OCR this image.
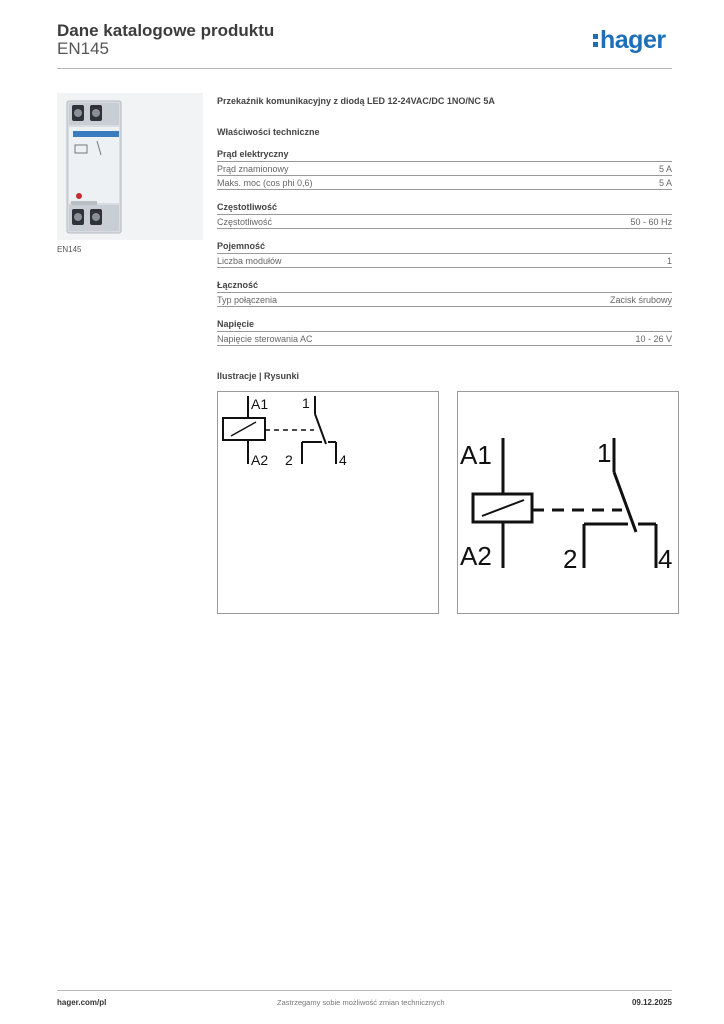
Dane katalogowe produktu
EN145	hager
EN145
Przekaźnik komunikacyjny z diodą LED 12-24VAC/DC 1NO/NC 5A
Właściwości techniczne
Prąd elektryczny
Prąd znamionowy	5 A
Maks. moc (cos phi 0,6)	5 A
Częstotliwość
Częstotliwość	50 - 60 Hz
Pojemność
Liczba modułów	1
Łączność
Typ połączenia	Zacisk śrubowy
Napięcie
Napięcie sterowania AC	10 - 26 V
Ilustracje | Rysunki
A1
A2
1
2	4	A1
A2
1
2	4
hager.com/pl	Zastrzegamy sobie możliwość zmian technicznych	09.12.2025
